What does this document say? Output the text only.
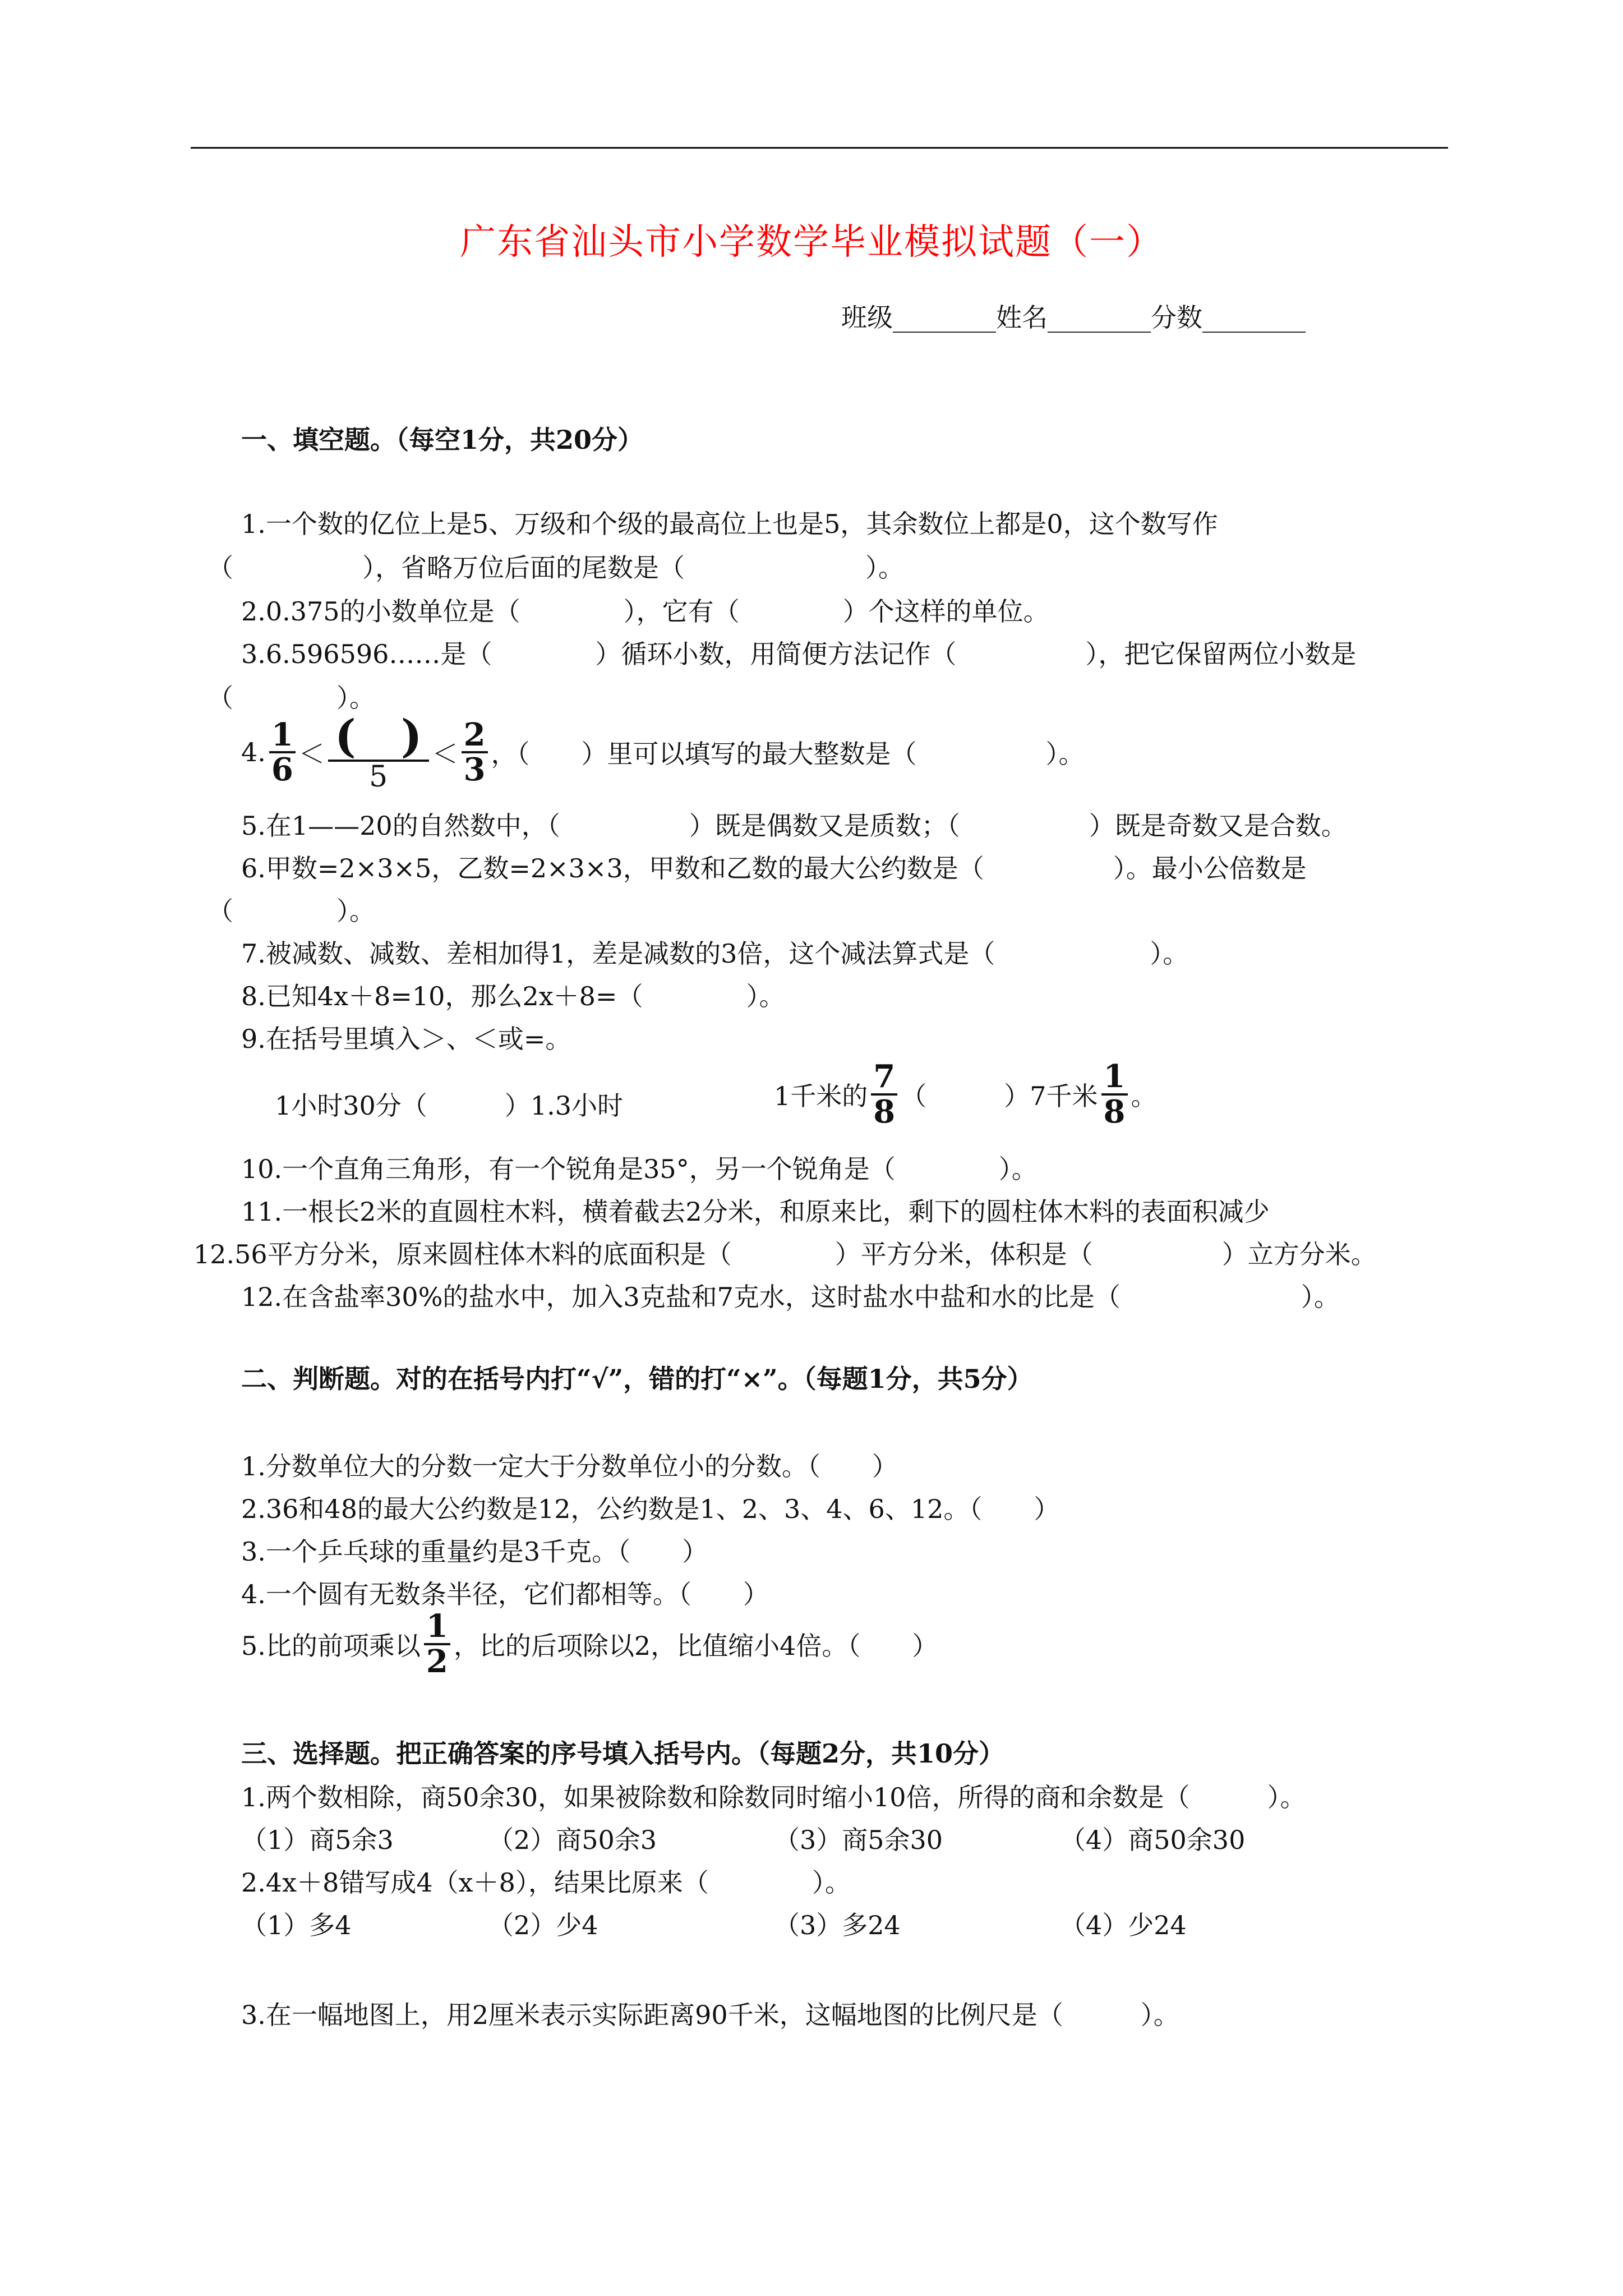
广东省汕头市小学数学毕业模拟试题（一）
班级________姓名________分数________
一、填空题。（每空1分，共20分）
1.一个数的亿位上是5、万级和个级的最高位上也是5，其余数位上都是0，这个数写作
（　　　　　），省略万位后面的尾数是（　　　　　　　）。
2.0.375的小数单位是（　　　　），它有（　　　　）个这样的单位。
3.6.596596……是（　　　　）循环小数，用简便方法记作（　　　　　），把它保留两位小数是
（　　　　）。
4. $\frac{1}{6} < \frac{( )}{5} < \frac{2}{3}$ ，（　　）里可以填写的最大整数是（　　　　　）。
5.在1——20的自然数中，（　　　　　）既是偶数又是质数；（　　　　　）既是奇数又是合数。
6.甲数=2×3×5，乙数=2×3×3，甲数和乙数的最大公约数是（　　　　　）。最小公倍数是
（　　　　）。
7.被减数、减数、差相加得1，差是减数的3倍，这个减法算式是（　　　　　　）。
8.已知4x＋8=10，那么2x＋8=（　　　　）。
9.在括号里填入＞、＜或=。
1小时30分（　　　）1.3小时	1千米的 $\frac{7}{8}$ （　　　）7千米 $\frac{1}{8}$ 。
10.一个直角三角形，有一个锐角是35°，另一个锐角是（　　　　）。
11.一根长2米的直圆柱木料，横着截去2分米，和原来比，剩下的圆柱体木料的表面积减少
12.56平方分米，原来圆柱体木料的底面积是（　　　　）平方分米，体积是（　　　　　）立方分米。
12.在含盐率30%的盐水中，加入3克盐和7克水，这时盐水中盐和水的比是（　　　　　　　）。
二、判断题。对的在括号内打“√”，错的打“×”。（每题1分，共5分）
1.分数单位大的分数一定大于分数单位小的分数。（　　）
2.36和48的最大公约数是12，公约数是1、2、3、4、6、12。（　　）
3.一个乒乓球的重量约是3千克。（　　）
4.一个圆有无数条半径，它们都相等。（　　）
5.比的前项乘以 $\frac{1}{2}$ ，比的后项除以2，比值缩小4倍。（　　）
三、选择题。把正确答案的序号填入括号内。（每题2分，共10分）
1.两个数相除，商50余30，如果被除数和除数同时缩小10倍，所得的商和余数是（　　　）。
（1）商5余3	（2）商50余3	（3）商5余30	（4）商50余30
2.4x＋8错写成4（x＋8），结果比原来（　　　　）。
（1）多4	（2）少4	（3）多24	（4）少24
3.在一幅地图上，用2厘米表示实际距离90千米，这幅地图的比例尺是（　　　）。
